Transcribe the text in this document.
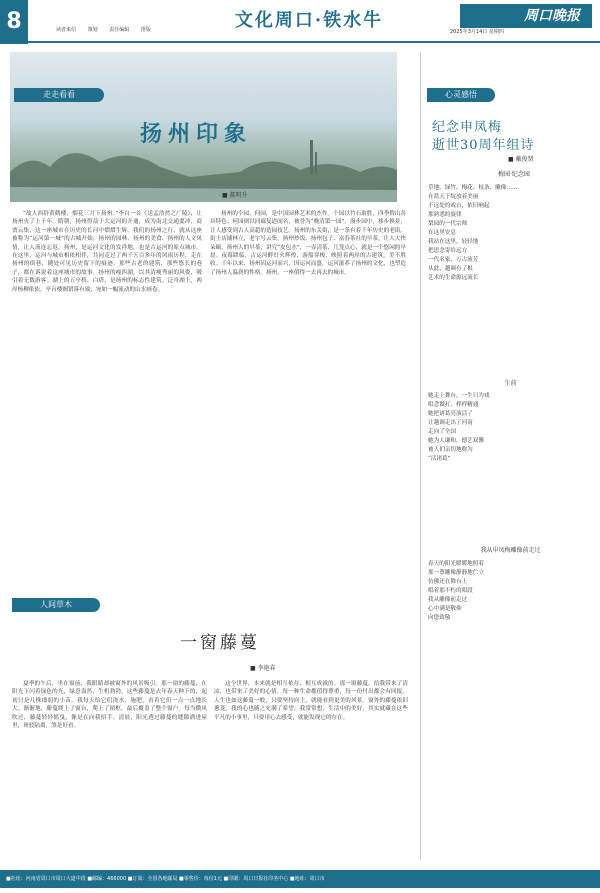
8	读者来信 策划 责任编辑 排版	文化周口·铁水牛	周口晚报
2025年3月14日 星期四
走走看看
扬州印象
■ 郝明升

“故人西辞黄鹤楼，烟花三月下扬州。”李白一首《送孟浩然之广陵》，让扬州火了上千年。隋朝，扬州得益于大运河的开通，成为南北交通要冲，商贾云集，这一座城市在历史的长河中熠熠生辉。我们的扬州之行，就从这座被称为“运河第一城”的古城开始。扬州的园林、扬州的美食、扬州的人文风情，让人流连忘返。扬州，是运河文化的发祥地，也是古运河的原点城市。在这里，运河与城市相依相伴，共同走过了两千五百多年的风雨历程。走在扬州的街巷，随处可见历史留下的痕迹，那些古老的建筑，那些悠长的巷子，都在诉说着这座城市的故事。扬州的瘦西湖，以其清瘦秀丽的风姿，吸引着无数游客。湖上的五亭桥、白塔，是扬州的标志性建筑。泛舟湖上，两岸杨柳依依，亭台楼阁错落有致，宛如一幅流动的山水画卷。

扬州的个园、何园，是中国园林艺术的杰作。个园以竹石取胜，四季假山各具特色；何园则以回廊复道闻名，被誉为“晚清第一园”。漫步园中，移步换景，让人感受到古人高超的造园技艺。扬州的东关街，是一条有着千年历史的老街。街上店铺林立，老字号云集，扬州炒饭、扬州包子、富春茶社的早茶，让人大快朵颐。扬州人的早茶，讲究“皮包水”，一壶清茶，几笼点心，就是一个悠闲的早晨。夜幕降临，古运河畔灯火辉煌，游船穿梭，映照着两岸的古建筑，美不胜收。千年以来，扬州因运河而兴，因运河而盛，运河滋养了扬州的文化，也塑造了扬州人温润的性格。扬州，一座值得一去再去的城市。

人间草木
一窗藤蔓
■ 李艳春

夏季的午后，坐在窗前，我眼睛却被窗外的风景吸引。那一窗的藤蔓，在阳光下闪着绿色的光，绿意盎然，生机勃勃。这些藤蔓是去年春天种下的，起初只是几株细弱的小苗，我每天给它们浇水、施肥，看着它们一点一点地长大。渐渐地，藤蔓爬上了窗台，爬上了窗框，最后覆盖了整个窗户。每当微风吹过，藤蔓轻轻摇曳，像是在向我招手。清晨，阳光透过藤蔓的缝隙洒进屋里，斑驳陆离，煞是好看。

这个世界，本来就是相互依存、相互成就的。那一窗藤蔓，给我带来了清凉，也带来了美好的心情。每一种生命都值得尊重，每一份付出都会有回报。人生也如这藤蔓一般，只要坚持向上，就能看到更美的风景。窗外的藤蔓依旧葱茏，我的心也随之充满了希望。我常常想，生活中的美好，其实就藏在这些平凡的小事里，只要用心去感受，就能发现它的存在。

心灵感悟
纪念申凤梅
逝世30周年组诗
■ 戴俊贤
梅园·纪念园
草地、绿竹、梅花、枝条、雕像……
在蓝天下绽放着美丽
不远处的戏台，依旧响起
那熟悉的旋律
梨园的一代宗师
在这里安息
我站在这里，轻轻地
把思念寄给远方
一代名家，万古流芳
从此，越调有了根
艺术的生命源远流长
生前
她走上舞台，一生只为戏
唱念做打，样样精通
她把诸葛亮演活了
让越调走出了河南
走向了全国
她为人谦和，德艺双馨
被人们亲切地称为
“活诸葛”
我从申凤梅雕像前走过
春天的阳光暖暖地照着
那一尊雕像静静地伫立
仿佛还在舞台上
唱着那不朽的唱段
我从雕像前走过
心中满是敬仰
向您致敬
■社址：河南省周口市周口大道中段 ■邮编：466000 ■订阅：全国各地邮局 ■零售价：每份1元 ■印刷：周口日报社印务中心 ■地址：周口市
